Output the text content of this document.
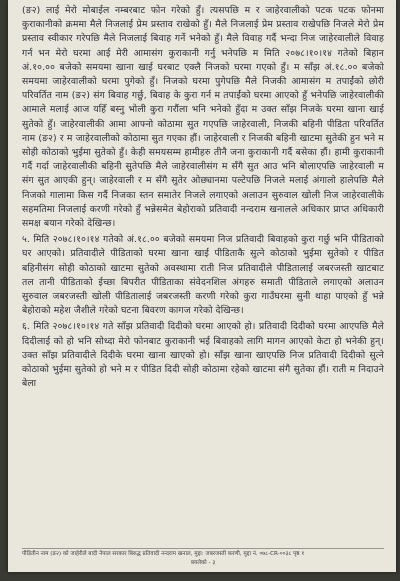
(ङ२) लाई मेरो मोबाईल नम्बरबाट फोन गरेको हुँ। त्यसपछि म र जाहेरवालीको पटक पटक फोनमा कुराकानीको क्रममा मैले निजलाई प्रेम प्रस्ताव राखेको हुँ। मैले निजलाई प्रेम प्रस्ताव राखेपछि निजले मेरो प्रेम प्रस्ताव स्वीकार गरेपछि मैले निजलाई बिवाह गर्ने भनेको हुँ। मैले विवाह गर्दै भन्दा निज जाहेरवालीले विवाह गर्न भन मेरो घरमा आई मेरी आमासंग कुराकानी गर्नु भनेपछि म मिति २०७८।१०।१४ गतेको बिहान अं.१०.०० बजेको समयमा खाना खाई घरबाट एक्लै निजको घरमा गएको हुँ। म साँझ अं.१८.०० बजेको समयमा जाहेरवालीको घरमा पुगेको हुँ। निजको घरमा पुगेपछि मैले निजकी आमासंग म तपाईंको छोरी परिवर्तित नाम (ङ२) संग बिवाह गर्छु, बिवाह के कुरा गर्न म तपाईंको घरमा आएको हुँ भनेपछि जाहेरवालीकी आमाले मलाई आज यहिँ बस्नु भोली कुरा गरौंला भनि भनेको हुँदा म उक्त साँझ निजके घरमा खाना खाई सुतेको हुँ। जाहेरवालीकी आमा आफ्नो कोठामा सुत गएपछि जाहेरवाली, निजकी बहिनी पीडिता परिवर्तित नाम (ङ२) र म जाहेरवालीको कोठामा सुत गएका हौं। जाहेरवाली र निजकी बहिनी खाटमा सुतेकी हुन भने म सोही कोठाको भुईमा सुतेको हुँ। केही समयसम्म हामीहरु तीनै जना कुराकानी गर्दै बसेका हौं। हामी कुराकानी गर्दै गर्दा जाहेरवालीकी बहिनी सुतेपछि मैले जाहेरवालीसंग म सँगै सुत आउ भनि बोलाएपछि जाहेरवाली म संग सुत आएकी हुन्। जाहेरवाली र म सँगै सुतेर ओछ्यानमा पल्टेपछि निजले मलाई अंगालो हालेपछि मैले निजको गालामा किस गर्दै निजका स्तन समातेर निजले लगाएको अलाउन सुरुवाल खोली निज जाहेरवालीके सहमतिमा निजलाई करणी गरेको हुँ भन्नेसमेत बेहोराको प्रतिवादी नन्दराम खनालले अधिकार प्राप्त अधिकारी समक्ष बयान गरेको देखिन्छ।

५. मिति २०७८।१०।१४ गतेको अं.१८.०० बजेको समयमा निज प्रतिवादी बिवाहको कुरा गर्छु भनि पीडिताको घर आएको। प्रतिवादीले पीडिताको घरमा खाना खाई पीडिताकै सुत्ने कोठाको भुईमा सुतेको र पीडित बहिनीसंग सोही कोठाको खाटमा सुतेको अवस्थामा राती निज प्रतिवादीले पीडितालाई जबरजस्ती खाटबाट तल तानी पीडिताको ईच्छा बिपरीत पीडिताका संवेदनशिल अंगहरु समाती पीडिताले लगाएको अलाउन सुरुवाल जबरजस्ती खोली पीडितालाई जबरजस्ती करणी गरेको कुरा गाउँघरमा सुनी थाहा पाएको हुँ भन्ने बेहोराको महेश जैशीले गरेको घटना बिवरण कागज गरेको देखिन्छ।

६. मिति २०७८।१०।१४ गते साँझ प्रतिवादी दिदीको घरमा आएको हो। प्रतिवादी दिदीको घरमा आएपछि मैले दिदीलाई को हो भनि सोध्दा मेरो फोनबाट कुराकानी भई बिवाहको लागि मागन आएको केटा हो भनेकी हुन्। उक्त साँझ प्रतिवादीले दिदीके घरमा खाना खाएको हो। साँझ खाना खाएपछि निज प्रतिवादी दिदीको सुत्ने कोठाको भुईमा सुतेको हो भने म र पीडित दिदी सोही कोठामा रहेको खाटमा संगै सुतेका हौं। राती म निदाउने बेला

पीडितीन नाम (ङ२) को जाहेरीले बादी नेपाल सरकार बिरुद्ध प्रतिवादी नन्दराम खनाल, मुद्दा: जबरजस्ती करणी, मुद्दा नं. ०७८-CR-००३८ पृष्ठ १
बयलेको - ३
